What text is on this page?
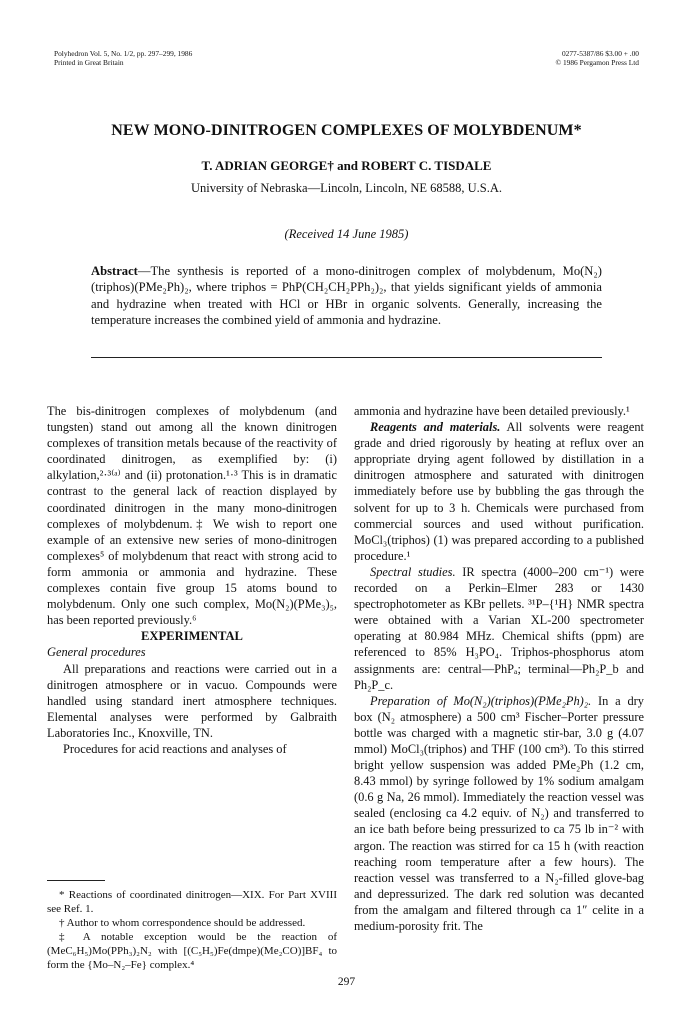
Polyhedron Vol. 5, No. 1/2, pp. 297–299, 1986
Printed in Great Britain
0277-5387/86 $3.00 + .00
© 1986 Pergamon Press Ltd
NEW MONO-DINITROGEN COMPLEXES OF MOLYBDENUM*
T. ADRIAN GEORGE† and ROBERT C. TISDALE
University of Nebraska—Lincoln, Lincoln, NE 68588, U.S.A.
(Received 14 June 1985)
Abstract—The synthesis is reported of a mono-dinitrogen complex of molybdenum, Mo(N₂)(triphos)(PMe₂Ph)₂, where triphos = PhP(CH₂CH₂PPh₂)₂, that yields significant yields of ammonia and hydrazine when treated with HCl or HBr in organic solvents. Generally, increasing the temperature increases the combined yield of ammonia and hydrazine.

The bis-dinitrogen complexes of molybdenum (and tungsten) stand out among all the known dinitrogen complexes of transition metals because of the reactivity of coordinated dinitrogen, as exemplified by: (i) alkylation,²·³⁽ᵃ⁾ and (ii) protonation.¹·³ This is in dramatic contrast to the general lack of reaction displayed by coordinated dinitrogen in the many mono-dinitrogen complexes of molybdenum.‡ We wish to report one example of an extensive new series of mono-dinitrogen complexes⁵ of molybdenum that react with strong acid to form ammonia or ammonia and hydrazine. These complexes contain five group 15 atoms bound to molybdenum. Only one such complex, Mo(N₂)(PMe₃)₅, has been reported previously.⁶

EXPERIMENTAL

General procedures

All preparations and reactions were carried out in a dinitrogen atmosphere or in vacuo. Compounds were handled using standard inert atmosphere techniques. Elemental analyses were performed by Galbraith Laboratories Inc., Knoxville, TN.

Procedures for acid reactions and analyses of

* Reactions of coordinated dinitrogen—XIX. For Part XVIII see Ref. 1.

† Author to whom correspondence should be addressed.

‡ A notable exception would be the reaction of (MeC₆H₅)Mo(PPh₃)₂N₂ with [(C₅H₅)Fe(dmpe)(Me₂CO)]BF₄ to form the {Mo–N₂–Fe} complex.⁴

ammonia and hydrazine have been detailed previously.¹

Reagents and materials. All solvents were reagent grade and dried rigorously by heating at reflux over an appropriate drying agent followed by distillation in a dinitrogen atmosphere and saturated with dinitrogen immediately before use by bubbling the gas through the solvent for up to 3 h. Chemicals were purchased from commercial sources and used without purification. MoCl₃(triphos) (1) was prepared according to a published procedure.¹

Spectral studies. IR spectra (4000–200 cm⁻¹) were recorded on a Perkin–Elmer 283 or 1430 spectrophotometer as KBr pellets. ³¹P–{¹H} NMR spectra were obtained with a Varian XL-200 spectrometer operating at 80.984 MHz. Chemical shifts (ppm) are referenced to 85% H₃PO₄. Triphos-phosphorus atom assignments are: central—PhPₐ; terminal—Ph₂P_b and Ph₂P_c.

Preparation of Mo(N₂)(triphos)(PMe₂Ph)₂. In a dry box (N₂ atmosphere) a 500 cm³ Fischer–Porter pressure bottle was charged with a magnetic stir-bar, 3.0 g (4.07 mmol) MoCl₃(triphos) and THF (100 cm³). To this stirred bright yellow suspension was added PMe₂Ph (1.2 cm, 8.43 mmol) by syringe followed by 1% sodium amalgam (0.6 g Na, 26 mmol). Immediately the reaction vessel was sealed (enclosing ca 4.2 equiv. of N₂) and transferred to an ice bath before being pressurized to ca 75 lb in⁻² with argon. The reaction was stirred for ca 15 h (with reaction reaching room temperature after a few hours). The reaction vessel was transferred to a N₂-filled glove-bag and depressurized. The dark red solution was decanted from the amalgam and filtered through ca 1″ celite in a medium-porosity frit. The

297
